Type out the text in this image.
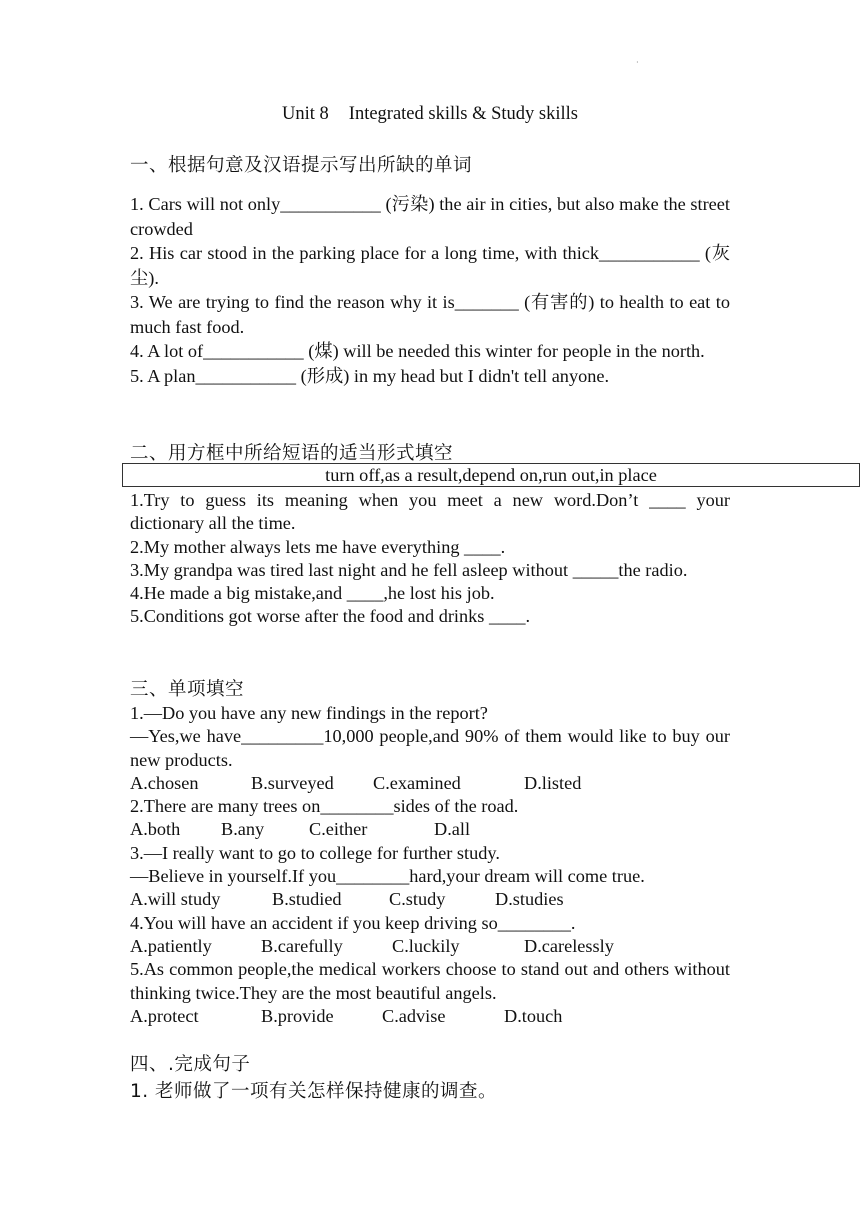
·
Unit 8 Integrated skills & Study skills
一、根据句意及汉语提示写出所缺的单词

1. Cars will not only___________ (污染) the air in cities, but also make the street crowded

2. His car stood in the parking place for a long time, with thick___________ (灰尘).

3. We are trying to find the reason why it is_______ (有害的) to health to eat to much fast food.

4. A lot of___________ (煤) will be needed this winter for people in the north.

5. A plan___________ (形成) in my head but I didn't tell anyone.

二、用方框中所给短语的适当形式填空
turn off,as a result,depend on,run out,in place

1.Try to guess its meaning when you meet a new word.Don’t ____ your dictionary all the time.

2.My mother always lets me have everything ____.

3.My grandpa was tired last night and he fell asleep without _____the radio.

4.He made a big mistake,and ____,he lost his job.

5.Conditions got worse after the food and drinks ____.

三、单项填空

1.—Do you have any new findings in the report?

—Yes,we have_________10,000 people,and 90% of them would like to buy our new products.

A.chosen	B.surveyed	C.examined	D.listed

2.There are many trees on________sides of the road.

A.both	B.any	C.either	D.all

3.—I really want to go to college for further study.

—Believe in yourself.If you________hard,your dream will come true.

A.will study	B.studied	C.study	D.studies

4.You will have an accident if you keep driving so________.

A.patiently	B.carefully	C.luckily	D.carelessly

5.As common people,the medical workers choose to stand out and others without thinking twice.They are the most beautiful angels.

A.protect	B.provide	C.advise	D.touch
四、.完成句子
1. 老师做了一项有关怎样保持健康的调查。
